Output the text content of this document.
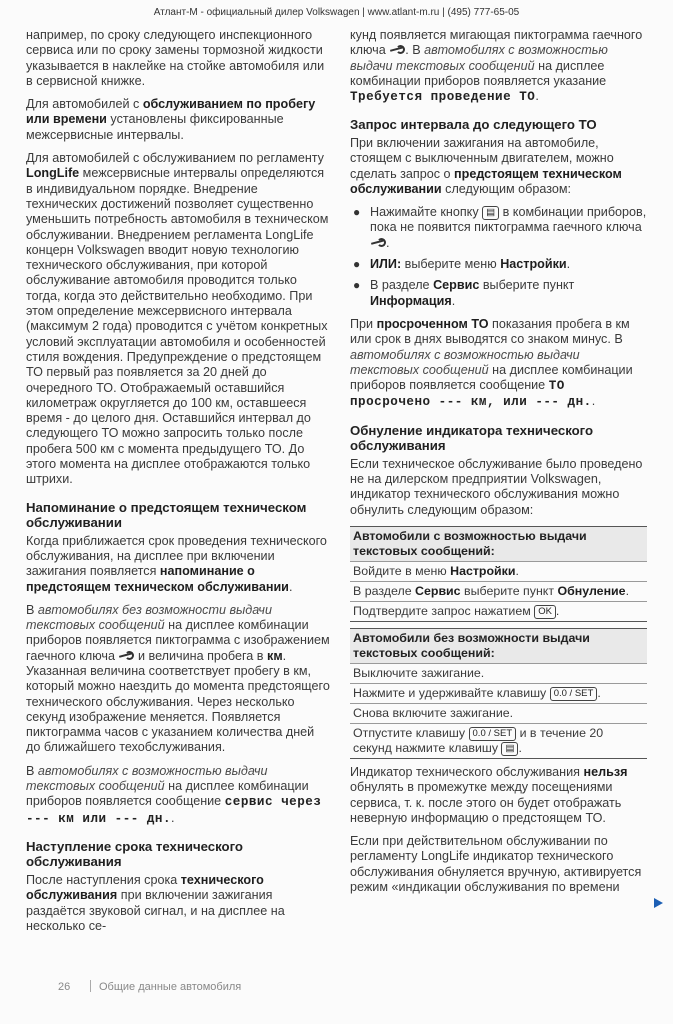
Атлант-М - официальный дилер Volkswagen | www.atlant-m.ru | (495) 777-65-05

например, по сроку следующего инспекционного сервиса или по сроку замены тормозной жидкости указывается в наклейке на стойке автомобиля или в сервисной книжке.

Для автомобилей с обслуживанием по пробегу или времени установлены фиксированные межсервисные интервалы.

Для автомобилей с обслуживанием по регламенту LongLife межсервисные интервалы определяются в индивидуальном порядке. Внедрение технических достижений позволяет существенно уменьшить потребность автомобиля в техническом обслуживании. Внедрением регламента LongLife концерн Volkswagen вводит новую технологию технического обслуживания, при которой обслуживание автомобиля проводится только тогда, когда это действительно необходимо. При этом определение межсервисного интервала (максимум 2 года) проводится с учётом конкретных условий эксплуатации автомобиля и особенностей стиля вождения. Предупреждение о предстоящем ТО первый раз появляется за 20 дней до очередного ТО. Отображаемый оставшийся километраж округляется до 100 км, оставшееся время - до целого дня. Оставшийся интервал до следующего ТО можно запросить только после пробега 500 км с момента предыдущего ТО. До этого момента на дисплее отображаются только штрихи.

Напоминание о предстоящем техническом обслуживании

Когда приближается срок проведения технического обслуживания, на дисплее при включении зажигания появляется напоминание о предстоящем техническом обслуживании.

В автомобилях без возможности выдачи текстовых сообщений на дисплее комбинации приборов появляется пиктограмма с изображением гаечного ключа  и величина пробега в км. Указанная величина соответствует пробегу в км, который можно наездить до момента предстоящего технического обслуживания. Через несколько секунд изображение меняется. Появляется пиктограмма часов с указанием количества дней до ближайшего техобслуживания.

В автомобилях с возможностью выдачи текстовых сообщений на дисплее комбинации приборов появляется сообщение сервис через --- км или --- дн..

Наступление срока технического обслуживания

После наступления срока технического обслуживания при включении зажигания раздаётся звуковой сигнал, и на дисплее на несколько се-

кунд появляется мигающая пиктограмма гаечного ключа . В автомобилях с возможностью выдачи текстовых сообщений на дисплее комбинации приборов появляется указание Требуется проведение ТО.

Запрос интервала до следующего ТО

При включении зажигания на автомобиле, стоящем с выключенным двигателем, можно сделать запрос о предстоящем техническом обслуживании следующим образом:

● Нажимайте кнопку ▤ в комбинации приборов, пока не появится пиктограмма гаечного ключа .
● ИЛИ: выберите меню Настройки.
● В разделе Сервис выберите пункт Информация.

При просроченном ТО показания пробега в км или срок в днях выводятся со знаком минус. В автомобилях с возможностью выдачи текстовых сообщений на дисплее комбинации приборов появляется сообщение ТО просрочено --- км, или --- дн..

Обнуление индикатора технического обслуживания

Если техническое обслуживание было проведено не на дилерском предприятии Volkswagen, индикатор технического обслуживания можно обнулить следующим образом:

Автомобили с возможностью выдачи текстовых сообщений:
Войдите в меню Настройки.
В разделе Сервис выберите пункт Обнуление.
Подтвердите запрос нажатием OK .
Автомобили без возможности выдачи текстовых сообщений:
Выключите зажигание.
Нажмите и удерживайте клавишу 0.0 / SET .
Снова включите зажигание.
Отпустите клавишу 0.0 / SET и в течение 20 секунд нажмите клавишу ▤ .

Индикатор технического обслуживания нельзя обнулять в промежутке между посещениями сервиса, т. к. после этого он будет отображать неверную информацию о предстоящем ТО.

Если при действительном обслуживании по регламенту LongLife индикатор технического обслуживания обнуляется вручную, активируется режим «индикации обслуживания по времени

26	Общие данные автомобиля
